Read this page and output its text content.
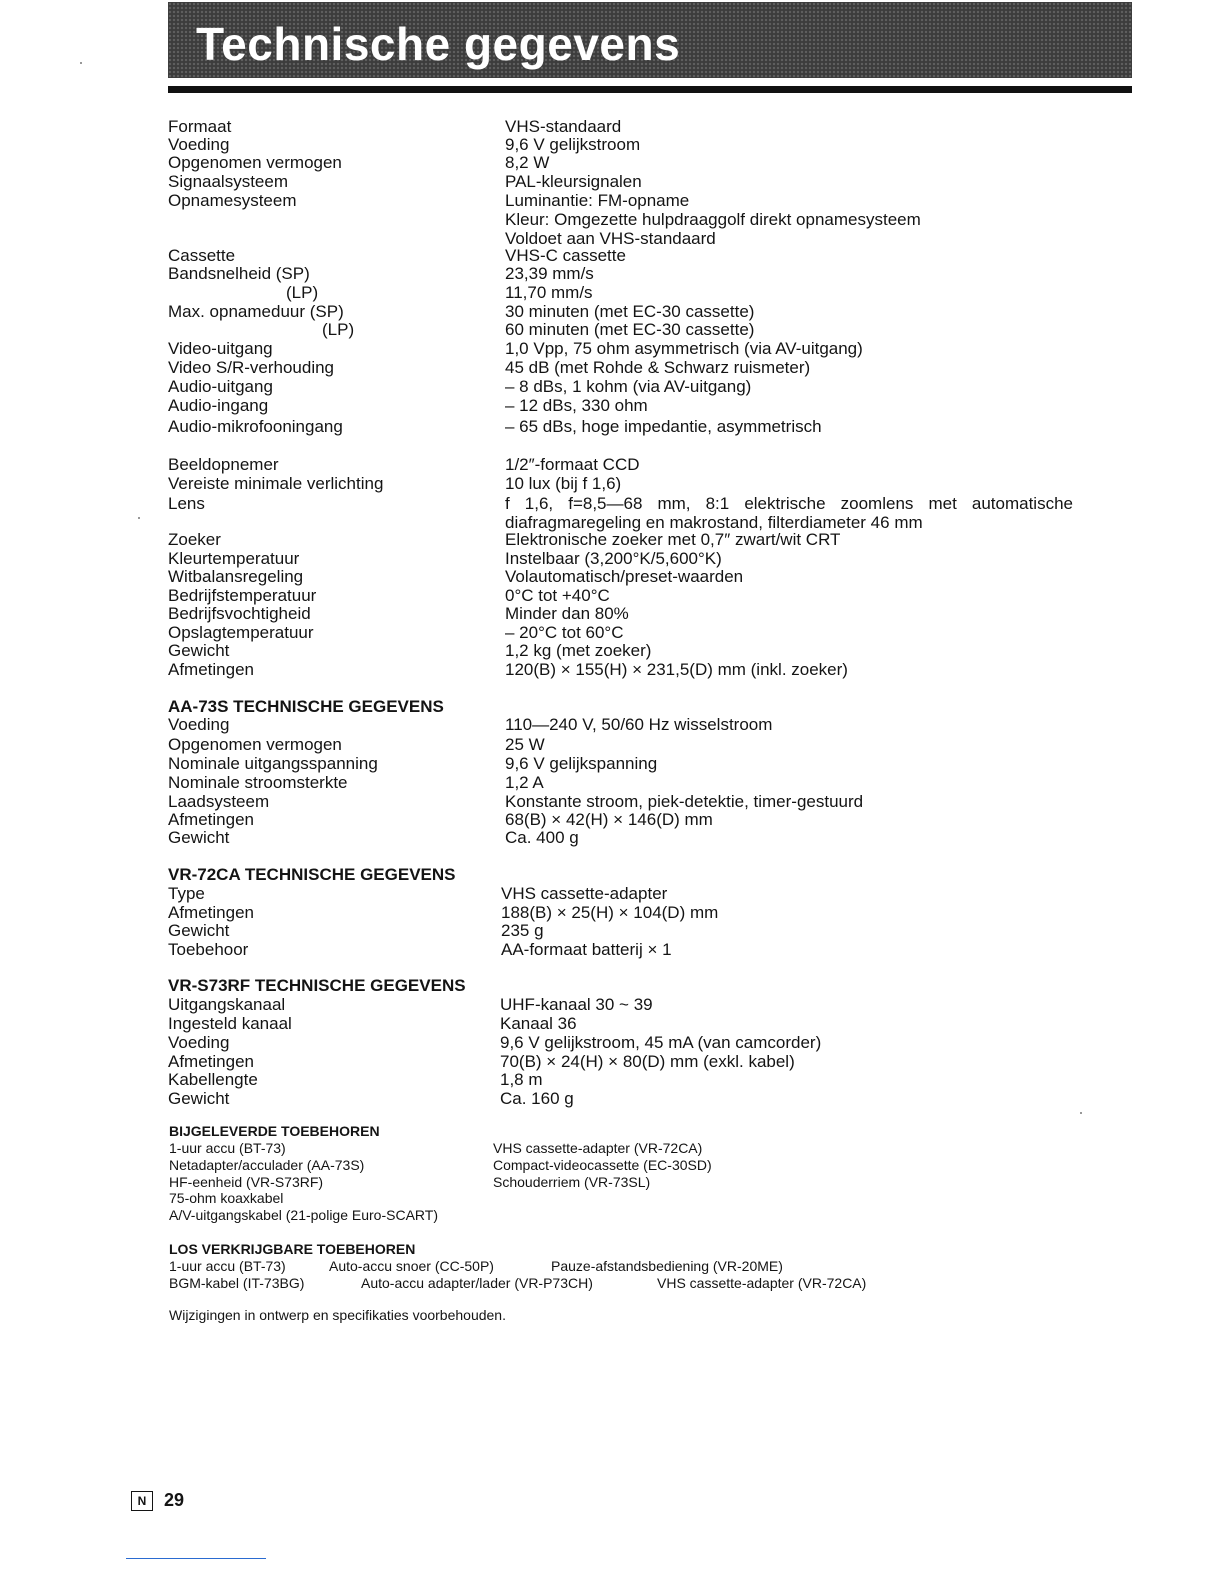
Technische gegevens
Formaat	VHS-standaard
Voeding	9,6 V gelijkstroom
Opgenomen vermogen	8,2 W
Signaalsysteem	PAL-kleursignalen
Opnamesysteem	Luminantie: FM-opname
Kleur: Omgezette hulpdraaggolf direkt opnamesysteem
Voldoet aan VHS-standaard
Cassette	VHS-C cassette
Bandsnelheid (SP)	23,39 mm/s
(LP)	11,70 mm/s
Max. opnameduur (SP)	30 minuten (met EC-30 cassette)
(LP)	60 minuten (met EC-30 cassette)
Video-uitgang	1,0 Vpp, 75 ohm asymmetrisch (via AV-uitgang)
Video S/R-verhouding	45 dB (met Rohde & Schwarz ruismeter)
Audio-uitgang	– 8 dBs, 1 kohm (via AV-uitgang)
Audio-ingang	– 12 dBs, 330 ohm
Audio-mikrofooningang	– 65 dBs, hoge impedantie, asymmetrisch
Beeldopnemer	1/2″-formaat CCD
Vereiste minimale verlichting	10 lux (bij f 1,6)
Lens	f 1,6, f=8,5—68 mm, 8:1 elektrische zoomlens met automatische diafragmaregeling en makrostand, filterdiameter 46 mm
Zoeker	Elektronische zoeker met 0,7″ zwart/wit CRT
Kleurtemperatuur	Instelbaar (3,200°K/5,600°K)
Witbalansregeling	Volautomatisch/preset-waarden
Bedrijfstemperatuur	0°C tot +40°C
Bedrijfsvochtigheid	Minder dan 80%
Opslagtemperatuur	– 20°C tot 60°C
Gewicht	1,2 kg (met zoeker)
Afmetingen	120(B) × 155(H) × 231,5(D) mm (inkl. zoeker)
AA-73S TECHNISCHE GEGEVENS
Voeding	110—240 V, 50/60 Hz wisselstroom
Opgenomen vermogen	25 W
Nominale uitgangsspanning	9,6 V gelijkspanning
Nominale stroomsterkte	1,2 A
Laadsysteem	Konstante stroom, piek-detektie, timer-gestuurd
Afmetingen	68(B) × 42(H) × 146(D) mm
Gewicht	Ca. 400 g
VR-72CA TECHNISCHE GEGEVENS
Type	VHS cassette-adapter
Afmetingen	188(B) × 25(H) × 104(D) mm
Gewicht	235 g
Toebehoor	AA-formaat batterij × 1
VR-S73RF TECHNISCHE GEGEVENS
Uitgangskanaal	UHF-kanaal 30 ~ 39
Ingesteld kanaal	Kanaal 36
Voeding	9,6 V gelijkstroom, 45 mA (van camcorder)
Afmetingen	70(B) × 24(H) × 80(D) mm (exkl. kabel)
Kabellengte	1,8 m
Gewicht	Ca. 160 g
BIJGELEVERDE TOEBEHOREN
1-uur accu (BT-73)
Netadapter/acculader (AA-73S)
HF-eenheid (VR-S73RF)
75-ohm koaxkabel
A/V-uitgangskabel (21-polige Euro-SCART)
VHS cassette-adapter (VR-72CA)
Compact-videocassette (EC-30SD)
Schouderriem (VR-73SL)
LOS VERKRIJGBARE TOEBEHOREN
1-uur accu (BT-73)	Auto-accu snoer (CC-50P)	Pauze-afstandsbediening (VR-20ME)
BGM-kabel (IT-73BG)	Auto-accu adapter/lader (VR-P73CH)	VHS cassette-adapter (VR-72CA)
Wijzigingen in ontwerp en specifikaties voorbehouden.
N 29
